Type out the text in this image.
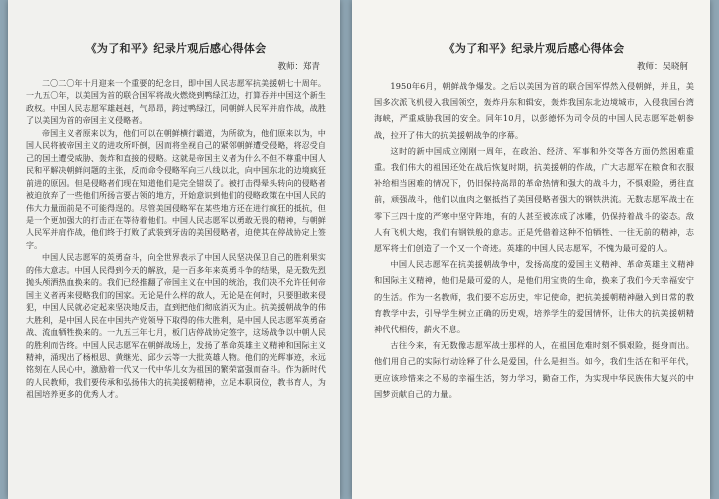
《为了和平》纪录片观后感心得体会
教师：郑青

二〇二〇年十月迎来一个重要的纪念日，即中国人民志愿军抗美援朝七十周年。一九五〇年，以美国为首的联合国军将战火燃烧到鸭绿江边，打算吞并中国这个新生政权。中国人民志愿军雄赳赳，气昂昂，跨过鸭绿江，同朝鲜人民军并肩作战，战胜了以美国为首的帝国主义侵略者。

帝国主义者原来以为，他们可以在朝鲜横行霸道，为所欲为，他们原来以为，中国人民将被帝国主义的进攻所吓倒，因而将坐视自己的紧邻朝鲜遭受侵略，将忍受自己的国土遭受威胁、轰炸和直接的侵略。这就是帝国主义者为什么不但不尊重中国人民和平解决朝鲜问题的主张，反而命令侵略军向三八线以北，向中国东北的边境疯狂前进的原因。但是侵略者们现在知道他们是完全错误了。被打击得晕头转向的侵略者被迫放弃了一些他们所扬言要占领的地方，开始意识到他们的侵略政策在中国人民的伟大力量面前是不可能得逞的。尽管美国侵略军在某些地方还在进行疯狂的抵抗，但是一个更加强大的打击正在等待着他们。中国人民志愿军以勇敢无畏的精神，与朝鲜人民军并肩作战，他们终于打败了武装到牙齿的美国侵略者，迫使其在停战协定上签字。

中国人民志愿军的英勇奋斗，向全世界表示了中国人民坚决保卫自己的胜利果实的伟大意志。中国人民得到今天的解放，是一百多年来英勇斗争的结果，是无数先烈抛头颅洒热血换来的。我们已经推翻了帝国主义在中国的统治，我们决不允许任何帝国主义者再来侵略我们的国家。无论是什么样的敌人，无论是在何时，只要胆敢来侵犯，中国人民就必定起来坚决地反击，直到把他们彻底消灭为止。抗美援朝战争的伟大胜利，是中国人民在中国共产党领导下取得的伟大胜利，是中国人民志愿军英勇奋战、流血牺牲换来的。一九五三年七月，板门店停战协定签字，这场战争以中朝人民的胜利而告终。中国人民志愿军在朝鲜战场上，发扬了革命英雄主义精神和国际主义精神，涌现出了杨根思、黄继光、邱少云等一大批英雄人物。他们的光辉事迹，永远铭刻在人民心中，激励着一代又一代中华儿女为祖国的繁荣富强而奋斗。作为新时代的人民教师，我们要传承和弘扬伟大的抗美援朝精神，立足本职岗位，教书育人，为祖国培养更多的优秀人才。

《为了和平》纪录片观后感心得体会
教师：吴晓舸

1950年6月，朝鲜战争爆发。之后以美国为首的联合国军悍然入侵朝鲜，并且，美国多次派飞机侵入我国领空，轰炸丹东和辑安，轰炸我国东北边境城市，入侵我国台湾海峡，严重威胁我国的安全。同年10月，以彭德怀为司令员的中国人民志愿军赴朝参战，拉开了伟大的抗美援朝战争的序幕。

这时的新中国成立刚刚一周年，在政治、经济、军事和外交等各方面仍然困难重重。我们伟大的祖国还处在战后恢复时期，抗美援朝的作战，广大志愿军在粮食和衣服补给相当困难的情况下，仍旧保持高昂的革命热情和强大的战斗力，不惧艰险，勇往直前，顽强战斗，他们以血肉之躯抵挡了美国侵略者强大的钢铁洪流。无数志愿军战士在零下三四十度的严寒中坚守阵地，有的人甚至被冻成了冰雕，仍保持着战斗的姿态。敌人有飞机大炮，我们有钢铁般的意志。正是凭借着这种不怕牺牲、一往无前的精神，志愿军将士们创造了一个又一个奇迹。英雄的中国人民志愿军，不愧为最可爱的人。

中国人民志愿军在抗美援朝战争中，发扬高度的爱国主义精神、革命英雄主义精神和国际主义精神，他们是最可爱的人，是他们用宝贵的生命，换来了我们今天幸福安宁的生活。作为一名教师，我们要不忘历史，牢记使命，把抗美援朝精神融入到日常的教育教学中去，引导学生树立正确的历史观，培养学生的爱国情怀，让伟大的抗美援朝精神代代相传，薪火不息。

古往今来，有无数像志愿军战士那样的人，在祖国危难时刻不惧艰险，挺身而出。他们用自己的实际行动诠释了什么是爱国，什么是担当。如今，我们生活在和平年代，更应该珍惜来之不易的幸福生活，努力学习，勤奋工作，为实现中华民族伟大复兴的中国梦贡献自己的力量。
